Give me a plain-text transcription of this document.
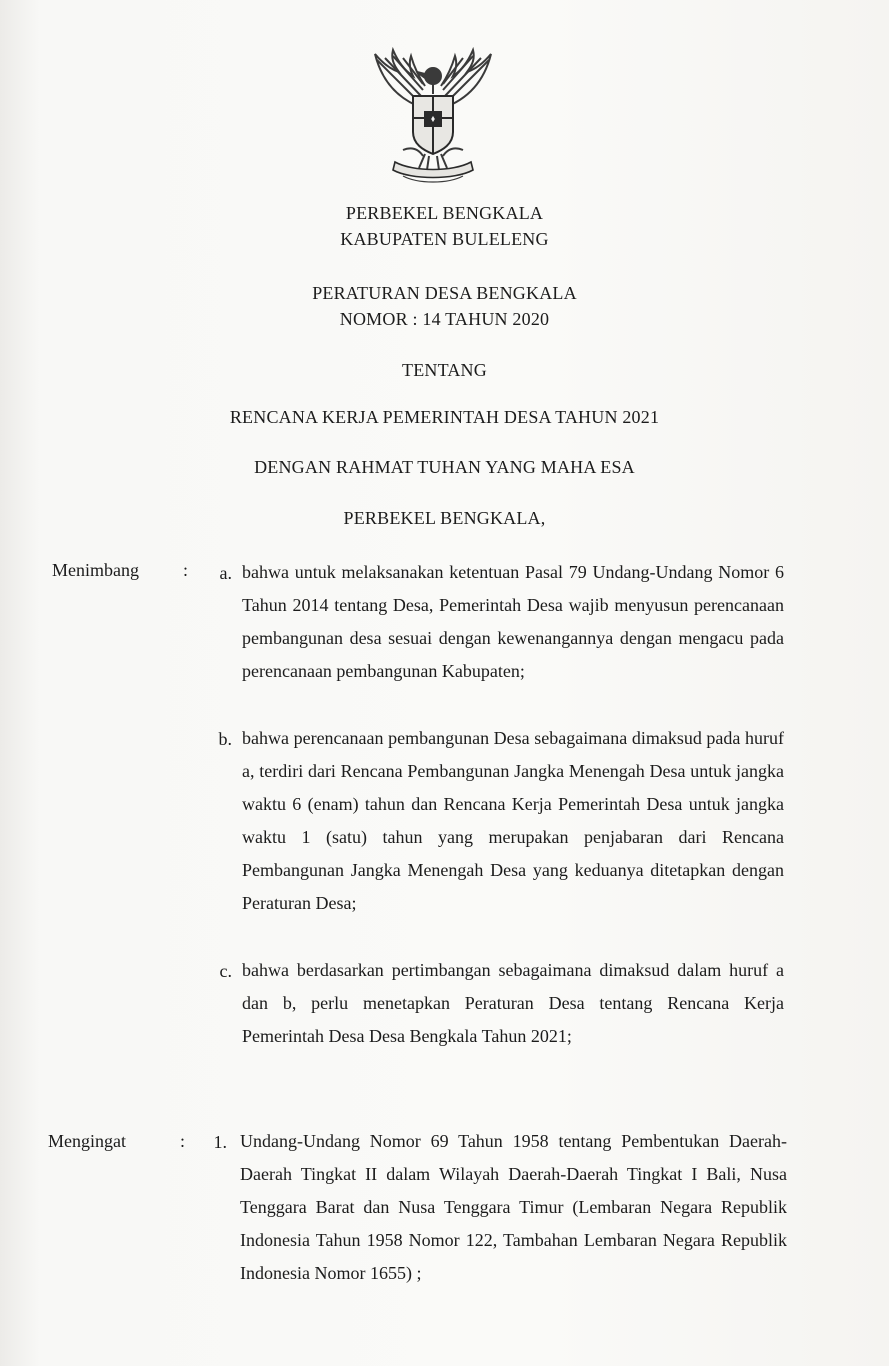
PERBEKEL BENGKALA
KABUPATEN BULELENG
PERATURAN DESA BENGKALA
NOMOR : 14 TAHUN 2020
TENTANG
RENCANA KERJA PEMERINTAH DESA TAHUN 2021
DENGAN RAHMAT TUHAN YANG MAHA ESA
PERBEKEL BENGKALA,
Menimbang :	a. bahwa untuk melaksanakan ketentuan Pasal 79 Undang-Undang Nomor 6 Tahun 2014 tentang Desa, Pemerintah Desa wajib menyusun perencanaan pembangunan desa sesuai dengan kewenangannya dengan mengacu pada perencanaan pembangunan Kabupaten;
b. bahwa perencanaan pembangunan Desa sebagaimana dimaksud pada huruf a, terdiri dari Rencana Pembangunan Jangka Menengah Desa untuk jangka waktu 6 (enam) tahun dan Rencana Kerja Pemerintah Desa untuk jangka waktu 1 (satu) tahun yang merupakan penjabaran dari Rencana Pembangunan Jangka Menengah Desa yang keduanya ditetapkan dengan Peraturan Desa;
c. bahwa berdasarkan pertimbangan sebagaimana dimaksud dalam huruf a dan b, perlu menetapkan Peraturan Desa tentang Rencana Kerja Pemerintah Desa Desa Bengkala Tahun 2021;
Mengingat	:	1. Undang-Undang Nomor 69 Tahun 1958 tentang Pembentukan Daerah-Daerah Tingkat II dalam Wilayah Daerah-Daerah Tingkat I Bali, Nusa Tenggara Barat dan Nusa Tenggara Timur (Lembaran Negara Republik Indonesia Tahun 1958 Nomor 122, Tambahan Lembaran Negara Republik Indonesia Nomor 1655) ;
